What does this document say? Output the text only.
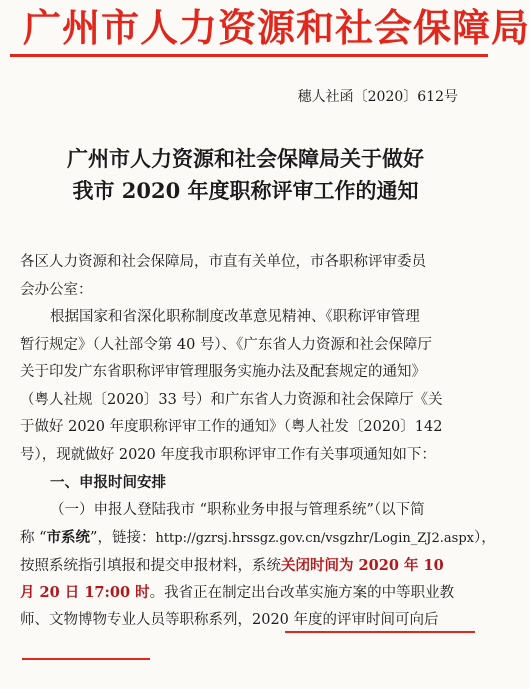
广州市人力资源和社会保障局
穗人社函〔2020〕612号
广州市人力资源和社会保障局关于做好
我市 2020 年度职称评审工作的通知
各区人力资源和社会保障局，市直有关单位，市各职称评审委员
会办公室：
根据国家和省深化职称制度改革意见精神、《职称评审管理
暂行规定》（人社部令第 40 号）、《广东省人力资源和社会保障厅
关于印发广东省职称评审管理服务实施办法及配套规定的通知》
（粤人社规〔2020〕33 号）和广东省人力资源和社会保障厅《关
于做好 2020 年度职称评审工作的通知》（粤人社发〔2020〕142
号），现就做好 2020 年度我市职称评审工作有关事项通知如下：
一、申报时间安排
（一）申报人登陆我市 “职称业务申报与管理系统”（以下简
称 “市系统”，链接：http://gzrsj.hrssgz.gov.cn/vsgzhr/Login_ZJ2.aspx），
按照系统指引填报和提交申报材料，系统关闭时间为 2020 年 10
月 20 日 17:00 时。我省正在制定出台改革实施方案的中等职业教
师、文物博物专业人员等职称系列，2020 年度的评审时间可向后
